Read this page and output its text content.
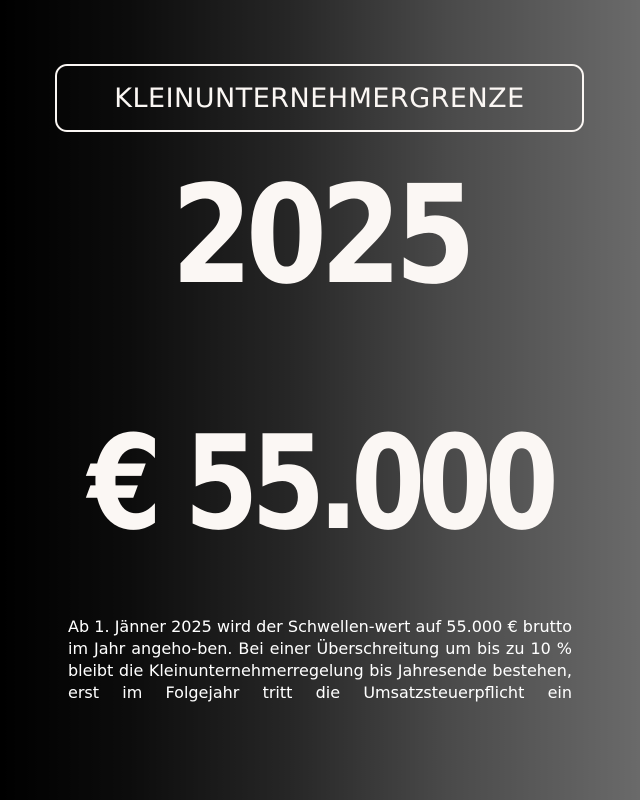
KLEINUNTERNEHMERGRENZE
2025
€ 55.000

Ab 1. Jänner 2025 wird der Schwellen-wert auf 55.000 € brutto im Jahr angeho-ben. Bei einer Überschreitung um bis zu 10 % bleibt die Kleinunternehmerregelung bis Jahresende bestehen, erst im Folgejahr tritt die Umsatzsteuerpflicht ein
